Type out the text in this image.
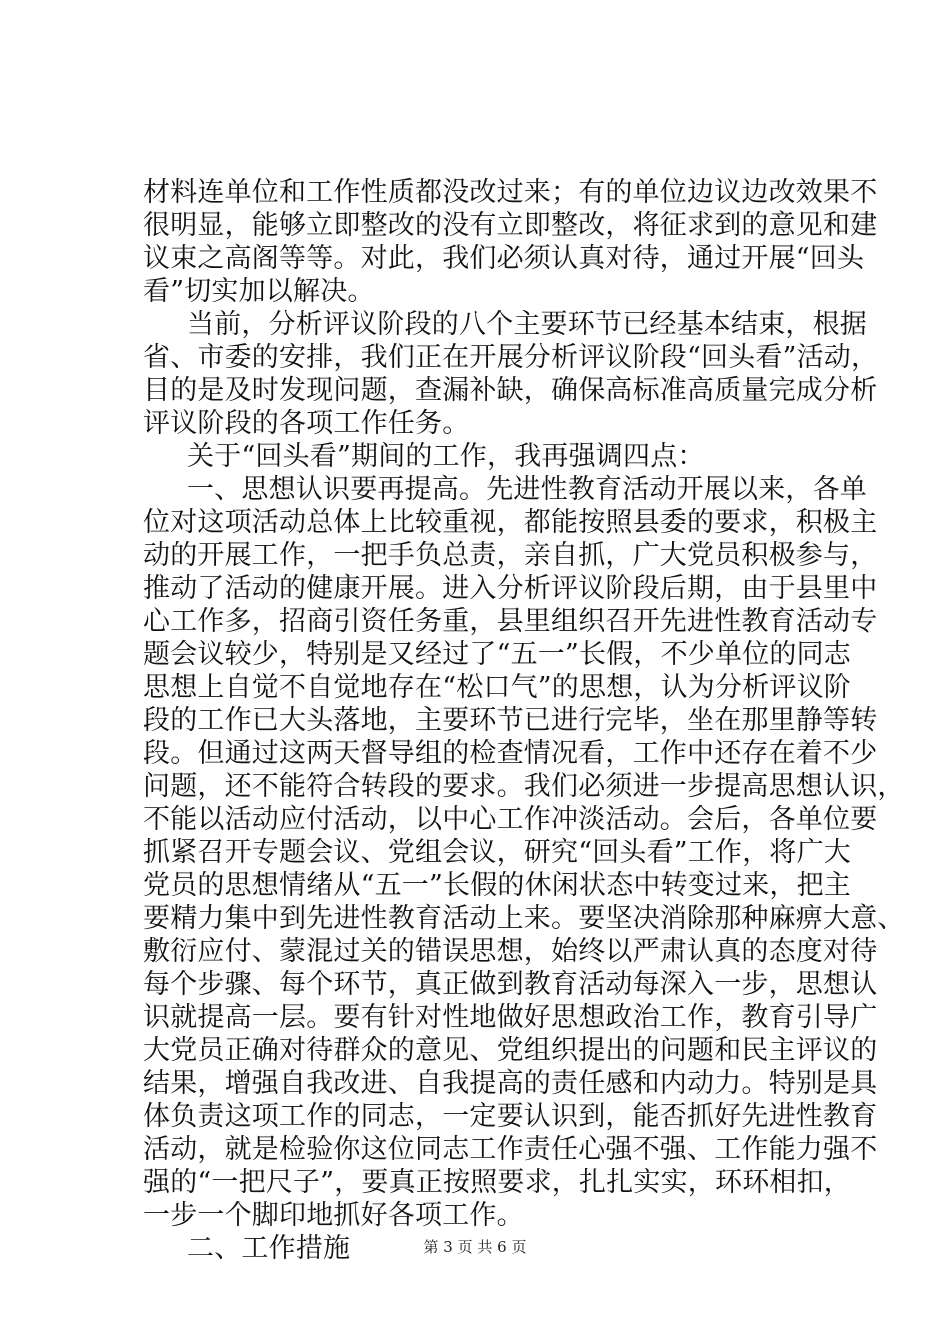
材料连单位和工作性质都没改过来；有的单位边议边改效果不
很明显，能够立即整改的没有立即整改，将征求到的意见和建
议束之高阁等等。对此，我们必须认真对待，通过开展“回头
看”切实加以解决。
当前，分析评议阶段的八个主要环节已经基本结束，根据
省、市委的安排，我们正在开展分析评议阶段“回头看”活动，
目的是及时发现问题，查漏补缺，确保高标准高质量完成分析
评议阶段的各项工作任务。
关于“回头看”期间的工作，我再强调四点：
一、思想认识要再提高。先进性教育活动开展以来，各单
位对这项活动总体上比较重视，都能按照县委的要求，积极主
动的开展工作，一把手负总责，亲自抓，广大党员积极参与，
推动了活动的健康开展。进入分析评议阶段后期，由于县里中
心工作多，招商引资任务重，县里组织召开先进性教育活动专
题会议较少，特别是又经过了“五一”长假，不少单位的同志
思想上自觉不自觉地存在“松口气”的思想，认为分析评议阶
段的工作已大头落地，主要环节已进行完毕，坐在那里静等转
段。但通过这两天督导组的检查情况看，工作中还存在着不少
问题，还不能符合转段的要求。我们必须进一步提高思想认识，
不能以活动应付活动，以中心工作冲淡活动。会后，各单位要
抓紧召开专题会议、党组会议，研究“回头看”工作，将广大
党员的思想情绪从“五一”长假的休闲状态中转变过来，把主
要精力集中到先进性教育活动上来。要坚决消除那种麻痹大意、
敷衍应付、蒙混过关的错误思想，始终以严肃认真的态度对待
每个步骤、每个环节，真正做到教育活动每深入一步，思想认
识就提高一层。要有针对性地做好思想政治工作，教育引导广
大党员正确对待群众的意见、党组织提出的问题和民主评议的
结果，增强自我改进、自我提高的责任感和内动力。特别是具
体负责这项工作的同志，一定要认识到，能否抓好先进性教育
活动，就是检验你这位同志工作责任心强不强、工作能力强不
强的“一把尺子”，要真正按照要求，扎扎实实，环环相扣，
一步一个脚印地抓好各项工作。
二、工作措施	第 3 页 共 6 页
